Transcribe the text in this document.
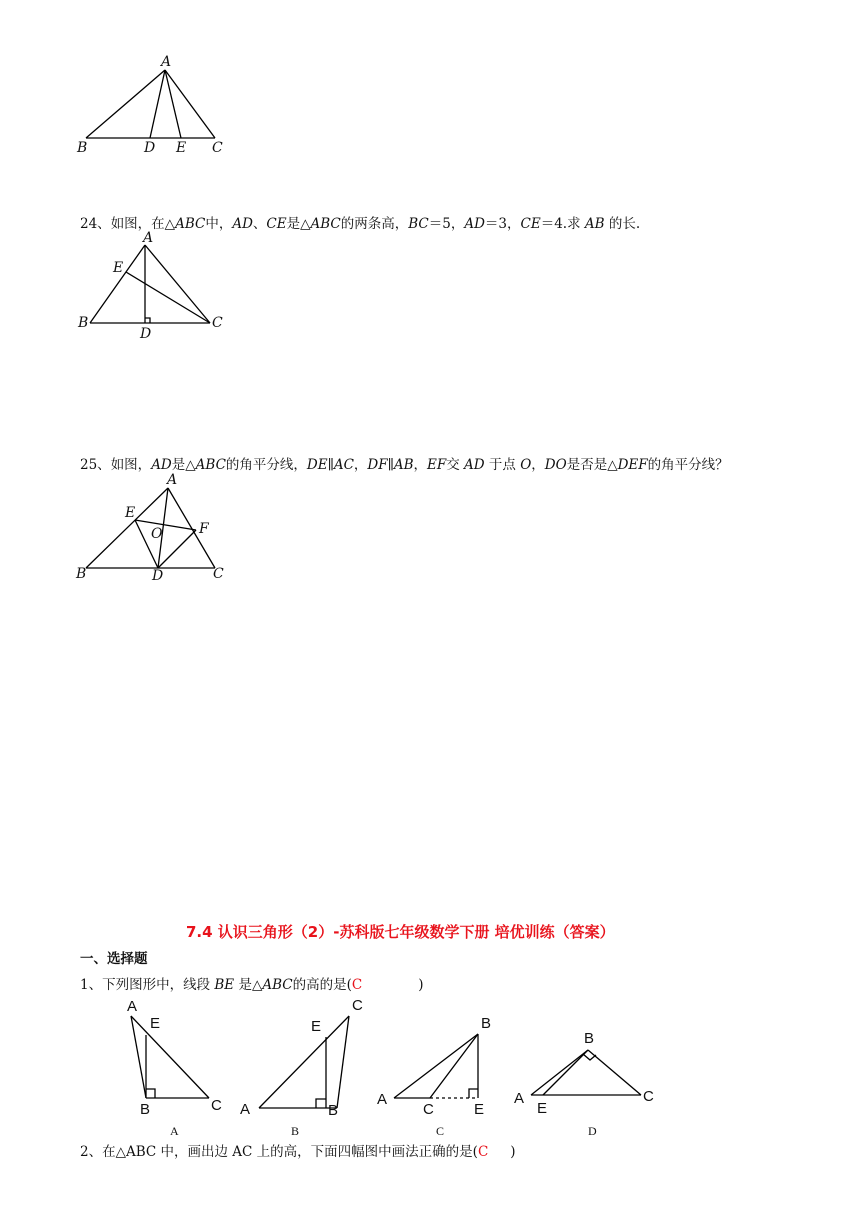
A
B	D E C
24、如图，在△ABC中，AD、CE是△ABC的两条高，BC＝5，AD＝3，CE＝4.求 AB 的长.
A
E
B
D
C
25、如图，AD是△ABC的角平分线，DE∥AC，DF∥AB，EF交 AD 于点 O，DO是否是△DEF的角平分线？
A
E
O	F
B	D	C
7.4 认识三角形（2）-苏科版七年级数学下册 培优训练（答案）
一、选择题
1、下列图形中，线段 BE 是△ABC的高的是(C	)
A
E
B	C
C
E
A	B
B
A
C	E
B
A
E
C
A	B	C	D
2、在△ABC 中，画出边 AC 上的高，下面四幅图中画法正确的是(C )
